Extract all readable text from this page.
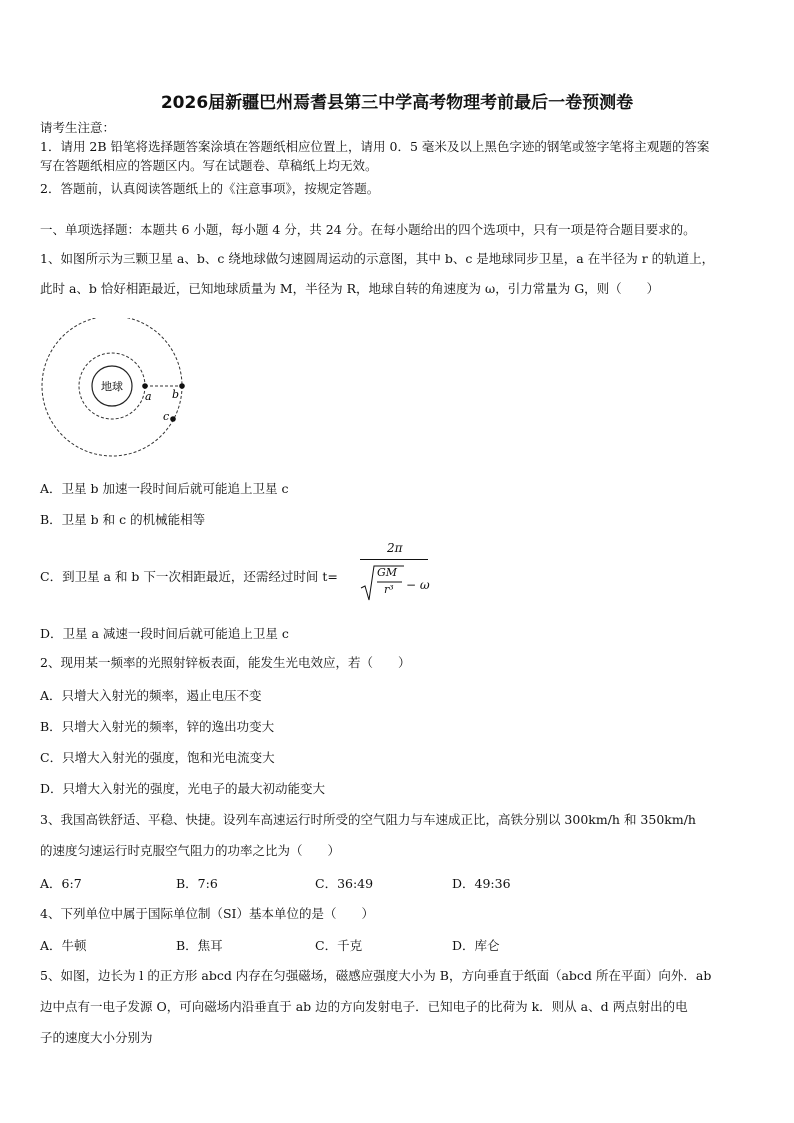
2026届新疆巴州焉耆县第三中学高考物理考前最后一卷预测卷
请考生注意：
1．请用 2B 铅笔将选择题答案涂填在答题纸相应位置上，请用 0．5 毫米及以上黑色字迹的钢笔或签字笔将主观题的答案
写在答题纸相应的答题区内。写在试题卷、草稿纸上均无效。
2．答题前，认真阅读答题纸上的《注意事项》，按规定答题。
一、单项选择题：本题共 6 小题，每小题 4 分，共 24 分。在每小题给出的四个选项中，只有一项是符合题目要求的。
1、如图所示为三颗卫星 a、b、c 绕地球做匀速圆周运动的示意图，其中 b、c 是地球同步卫星，a 在半径为 r 的轨道上，
此时 a、b 恰好相距最近，已知地球质量为 M，半径为 R，地球自转的角速度为 ω，引力常量为 G，则（　　）
地球
a b
c
A．卫星 b 加速一段时间后就可能追上卫星 c
B．卫星 b 和 c 的机械能相等
C．到卫星 a 和 b 下一次相距最近，还需经过时间 t=
2π
GM
r³ − ω
D．卫星 a 减速一段时间后就可能追上卫星 c
2、现用某一频率的光照射锌板表面，能发生光电效应，若（　　）
A．只增大入射光的频率，遏止电压不变
B．只增大入射光的频率，锌的逸出功变大
C．只增大入射光的强度，饱和光电流变大
D．只增大入射光的强度，光电子的最大初动能变大
3、我国高铁舒适、平稳、快捷。设列车高速运行时所受的空气阻力与车速成正比，高铁分别以 300km/h 和 350km/h
的速度匀速运行时克服空气阻力的功率之比为（　　）
A．6:7	B．7:6	C．36:49	D．49:36
4、下列单位中属于国际单位制（SI）基本单位的是（　　）
A．牛顿	B．焦耳	C．千克	D．库仑
5、如图，边长为 l 的正方形 abcd 内存在匀强磁场，磁感应强度大小为 B，方向垂直于纸面（abcd 所在平面）向外．ab
边中点有一电子发源 O，可向磁场内沿垂直于 ab 边的方向发射电子．已知电子的比荷为 k．则从 a、d 两点射出的电
子的速度大小分别为
